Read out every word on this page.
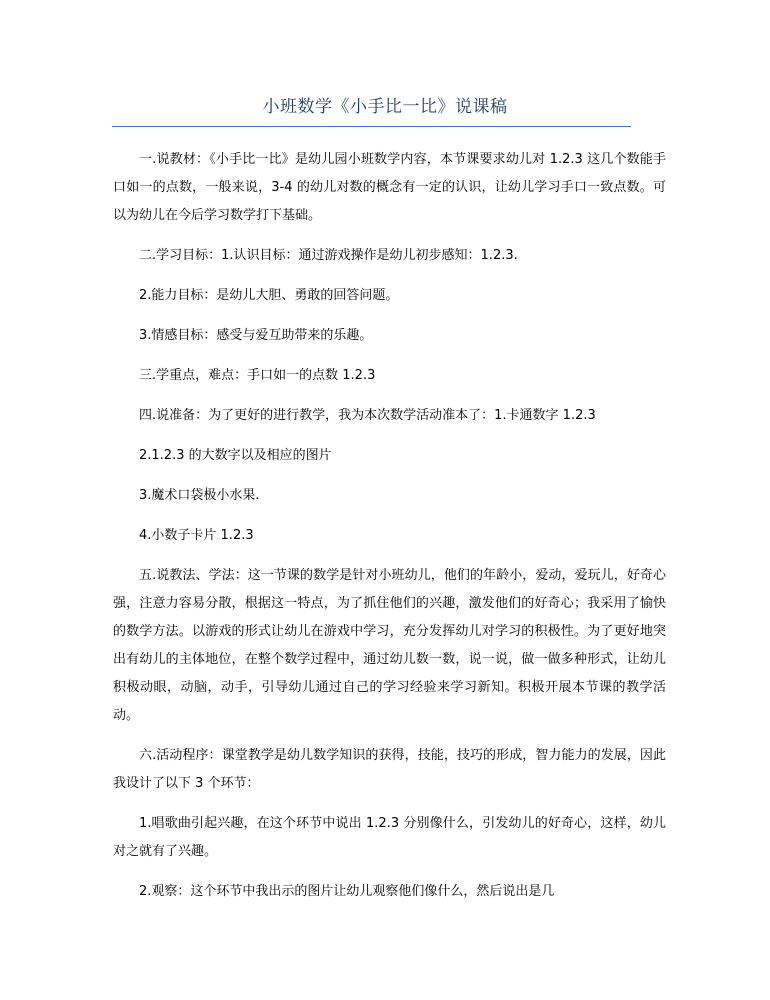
小班数学《小手比一比》说课稿

一.说教材：《小手比一比》是幼儿园小班数学内容，本节课要求幼儿对 1.2.3 这几个数能手口如一的点数，一般来说，3-4 的幼儿对数的概念有一定的认识，让幼儿学习手口一致点数。可以为幼儿在今后学习数学打下基础。

二.学习目标：1.认识目标：通过游戏操作是幼儿初步感知：1.2.3.

2.能力目标：是幼儿大胆、勇敢的回答问题。

3.情感目标：感受与爱互助带来的乐趣。

三.学重点，难点：手口如一的点数 1.2.3

四.说准备：为了更好的进行教学，我为本次数学活动准本了：1.卡通数字 1.2.3

2.1.2.3 的大数字以及相应的图片

3.魔术口袋极小水果.

4.小数子卡片 1.2.3

五.说教法、学法：这一节课的数学是针对小班幼儿，他们的年龄小，爱动，爱玩儿，好奇心强，注意力容易分散，根据这一特点，为了抓住他们的兴趣，激发他们的好奇心；我采用了愉快的数学方法。以游戏的形式让幼儿在游戏中学习，充分发挥幼儿对学习的积极性。为了更好地突出有幼儿的主体地位，在整个数学过程中，通过幼儿数一数，说一说，做一做多种形式，让幼儿积极动眼，动脑，动手，引导幼儿通过自己的学习经验来学习新知。积极开展本节课的教学活动。

六.活动程序：课堂教学是幼儿数学知识的获得，技能，技巧的形成，智力能力的发展，因此我设计了以下 3 个环节：

1.唱歌曲引起兴趣，在这个环节中说出 1.2.3 分别像什么，引发幼儿的好奇心，这样，幼儿对之就有了兴趣。

2.观察：这个环节中我出示的图片让幼儿观察他们像什么，然后说出是几
